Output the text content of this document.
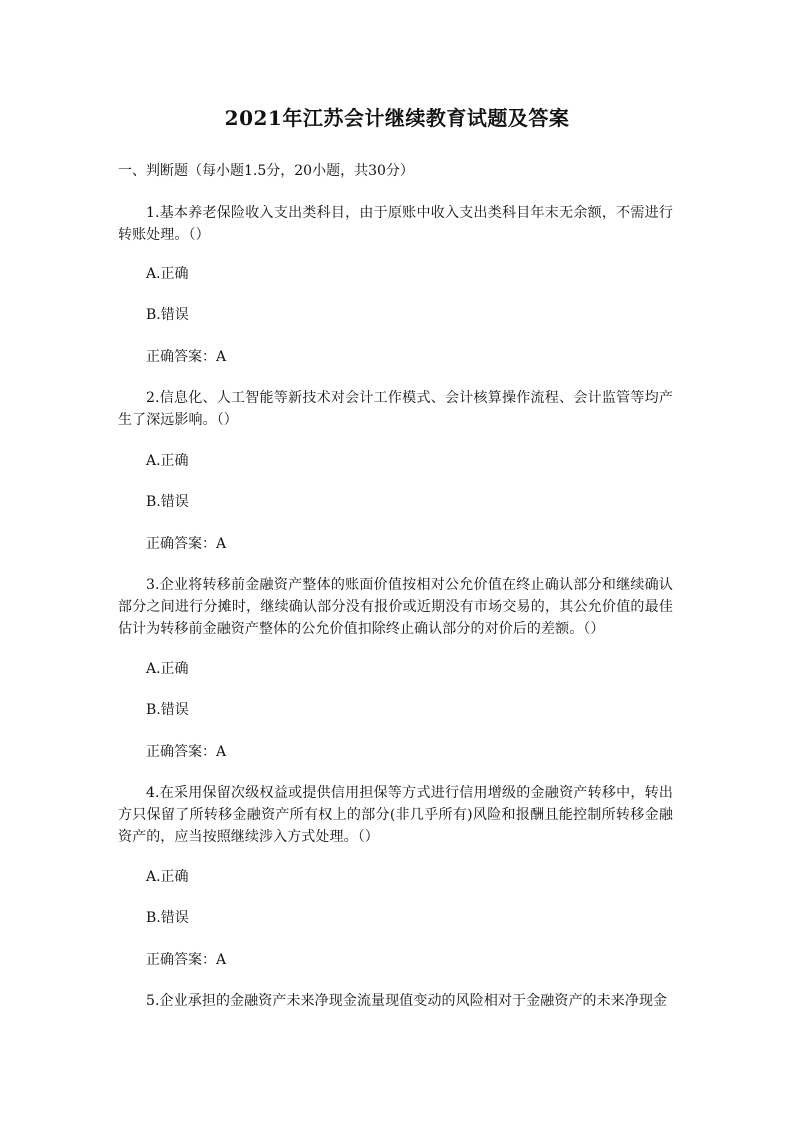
2021年江苏会计继续教育试题及答案
一、判断题（每小题1.5分，20小题，共30分）
1.基本养老保险收入支出类科目，由于原账中收入支出类科目年末无余额，不需进行转账处理。（）
A.正确
B.错误
正确答案：A
2.信息化、人工智能等新技术对会计工作模式、会计核算操作流程、会计监管等均产生了深远影响。（）
A.正确
B.错误
正确答案：A
3.企业将转移前金融资产整体的账面价值按相对公允价值在终止确认部分和继续确认部分之间进行分摊时，继续确认部分没有报价或近期没有市场交易的，其公允价值的最佳估计为转移前金融资产整体的公允价值扣除终止确认部分的对价后的差额。（）
A.正确
B.错误
正确答案：A
4.在采用保留次级权益或提供信用担保等方式进行信用增级的金融资产转移中，转出方只保留了所转移金融资产所有权上的部分(非几乎所有)风险和报酬且能控制所转移金融资产的，应当按照继续涉入方式处理。（）
A.正确
B.错误
正确答案：A
5.企业承担的金融资产未来净现金流量现值变动的风险相对于金融资产的未来净现金
